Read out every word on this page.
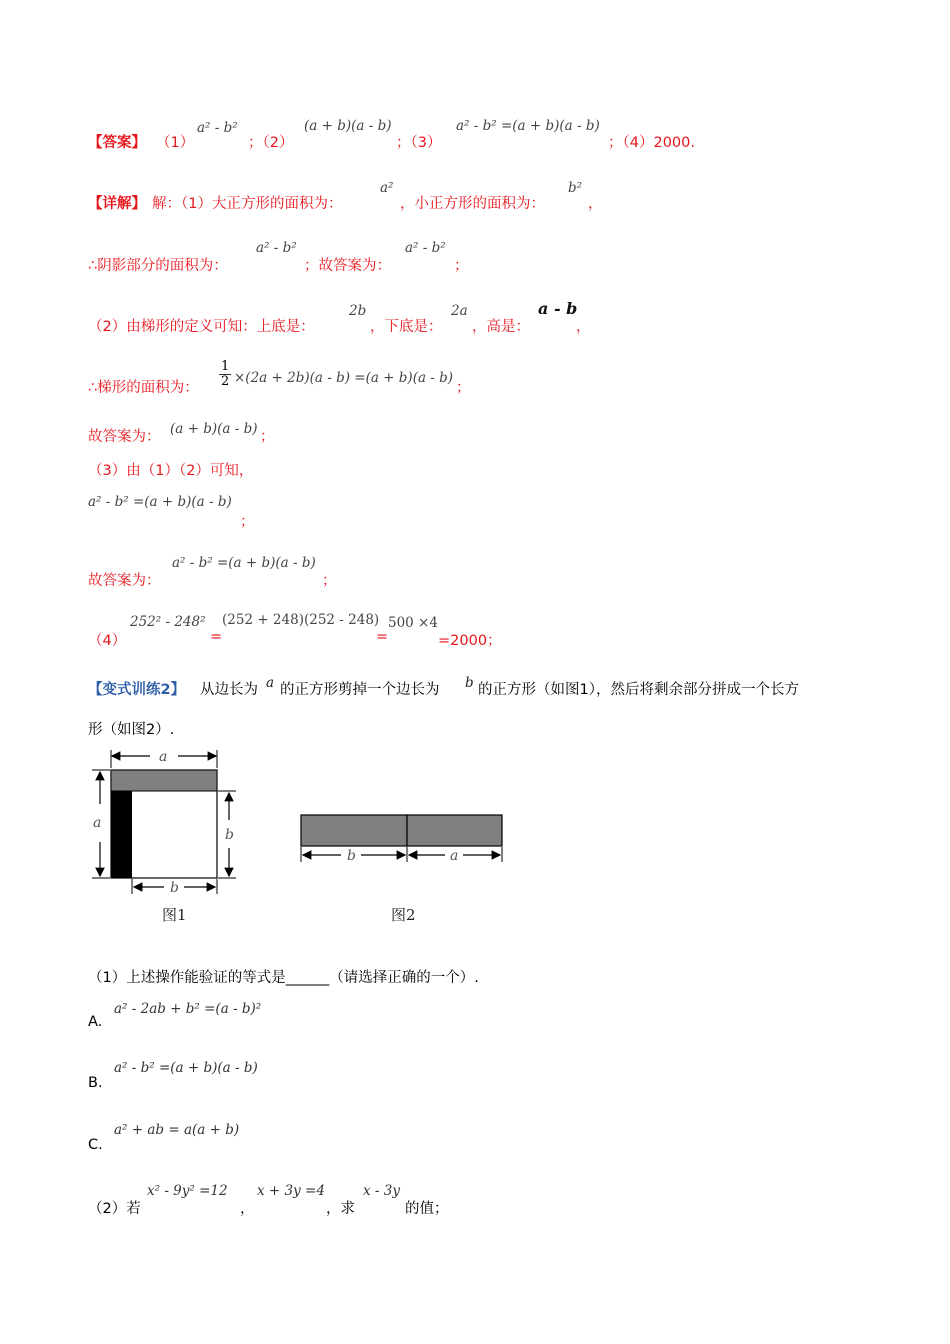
【答案】 （1）
a² - b²
；（2）
(a + b)(a - b)
；（3）
a² - b² =(a + b)(a - b)
；（4）2000.
【详解】 解：（1）大正方形的面积为：
a²
，小正方形的面积为：
b²
，
∴阴影部分的面积为：
a² - b²
；故答案为：
a² - b²
；
（2）由梯形的定义可知：上底是：
2b
，下底是：
2a
，高是：
a - b
，
∴梯形的面积为： $\frac{1}{2} \times(2a + 2b)(a - b) =(a + b)(a - b)$
；
故答案为： (a + b)(a - b) ；
（3）由（1）（2）可知，
a² - b² =(a + b)(a - b)
；
故答案为：
a² - b² =(a + b)(a - b)
；
（4）
252² - 248²
=
(252 + 248)(252 - 248)
=
500 ×4
=2000；
【变式训练2】 从边长为 a 的正方形剪掉一个边长为 b 的正方形（如图1），然后将剩余部分拼成一个长方
形（如图2）.
a
a
b
b
图1
b	a
图2
（1）上述操作能验证的等式是______（请选择正确的一个）.
A.
a² - 2ab + b² =(a - b)²
B.
a² - b² =(a + b)(a - b)
C.
a² + ab = a(a + b)
（2）若
x² - 9y² =12
，
x + 3y =4
，求
x - 3y
的值；
